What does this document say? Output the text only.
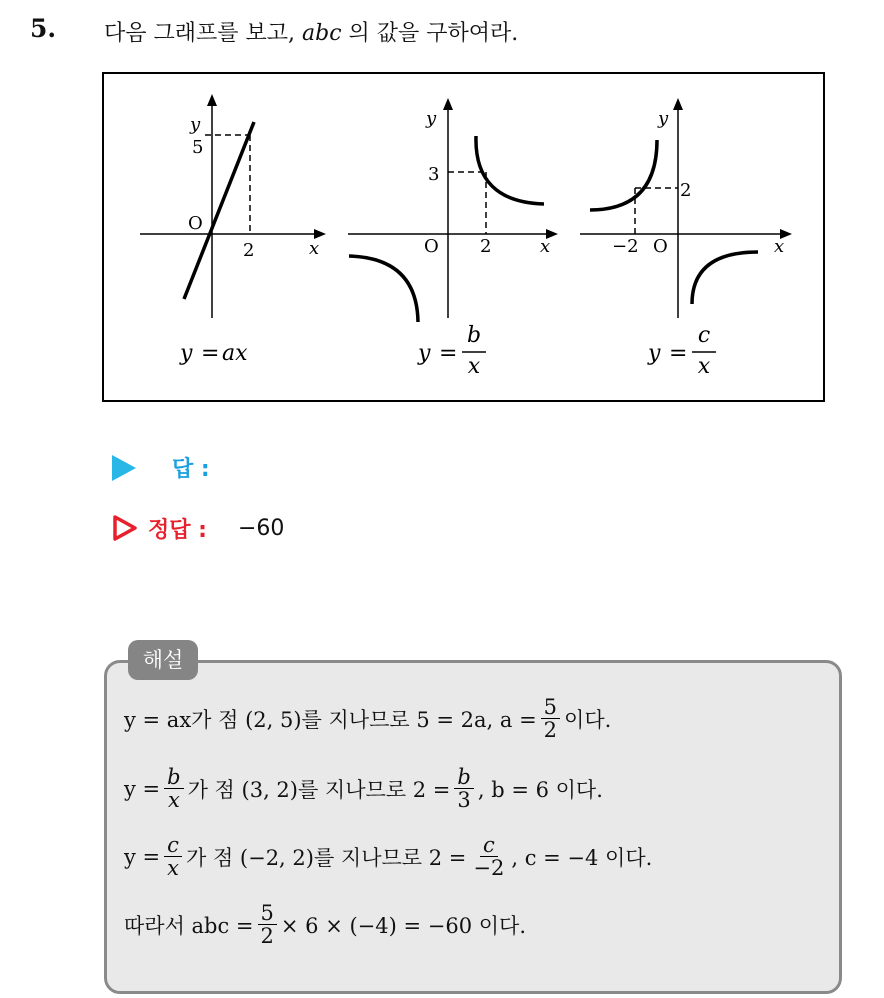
5. 다음 그래프를 보고, abc 의 값을 구하여라.
y
5
O
2	x
y = ax
y
3
O 2	x
y =
b
x
y
2
−2 O	x
y =
c
x
답 :
정답 : −60
해설
y = ax가 점 (2, 5)를 지나므로 5 = 2a, $a = \frac{5}{2}$ 이다.
$y = \frac{b}{x}$ 가 점 (3, 2)를 지나므로 $2 = \frac{b}{3}$ , b = 6 이다.
$y = \frac{c}{x}$ 가 점 (−2, 2)를 지나므로 $2 = \frac{c}{-2}$ , c = −4 이다.
따라서 abc = $\frac{5}{2} \times 6 \times (-4) = -60$ 이다.
